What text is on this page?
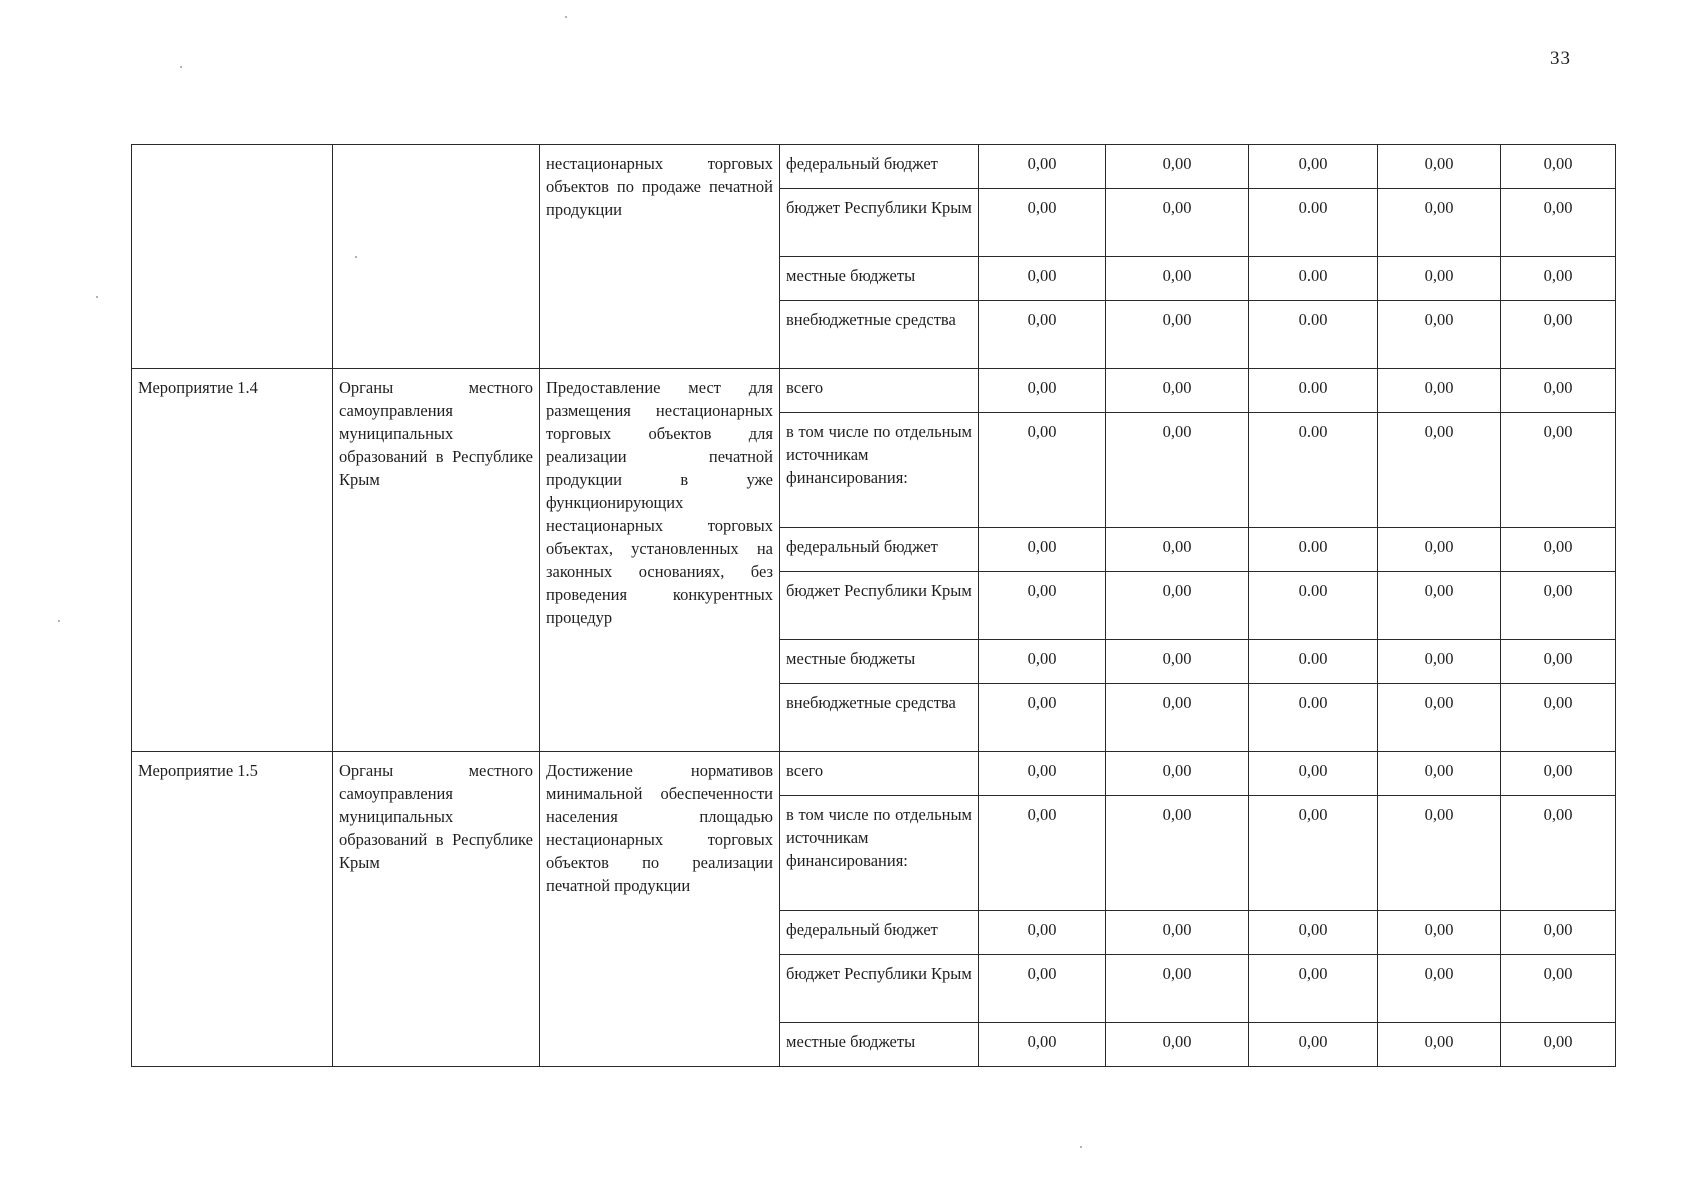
33
		нестационарных торговых объектов по продаже печатной продукции	федеральный бюджет	0,00	0,00	0,00	0,00	0,00
			бюджет Республики Крым	0,00	0,00	0.00	0,00	0,00
			местные бюджеты	0,00	0,00	0.00	0,00	0,00
			внебюджетные средства	0,00	0,00	0.00	0,00	0,00
Мероприятие 1.4	Органы местного самоуправления муниципальных образований в Республике Крым	Предоставление мест для размещения нестационарных торговых объектов для реализации печатной продукции в уже функционирующих нестационарных торговых объектах, установленных на законных основаниях, без проведения конкурентных процедур	всего	0,00	0,00	0.00	0,00	0,00
			в том числе по отдельным источникам финансирования:	0,00	0,00	0.00	0,00	0,00
			федеральный бюджет	0,00	0,00	0.00	0,00	0,00
			бюджет Республики Крым	0,00	0,00	0.00	0,00	0,00
			местные бюджеты	0,00	0,00	0.00	0,00	0,00
			внебюджетные средства	0,00	0,00	0.00	0,00	0,00
Мероприятие 1.5	Органы местного самоуправления муниципальных образований в Республике Крым	Достижение нормативов минимальной обеспеченности населения площадью нестационарных торговых объектов по реализации печатной продукции	всего	0,00	0,00	0,00	0,00	0,00
			в том числе по отдельным источникам финансирования:	0,00	0,00	0,00	0,00	0,00
			федеральный бюджет	0,00	0,00	0,00	0,00	0,00
			бюджет Республики Крым	0,00	0,00	0,00	0,00	0,00
			местные бюджеты	0,00	0,00	0,00	0,00	0,00
